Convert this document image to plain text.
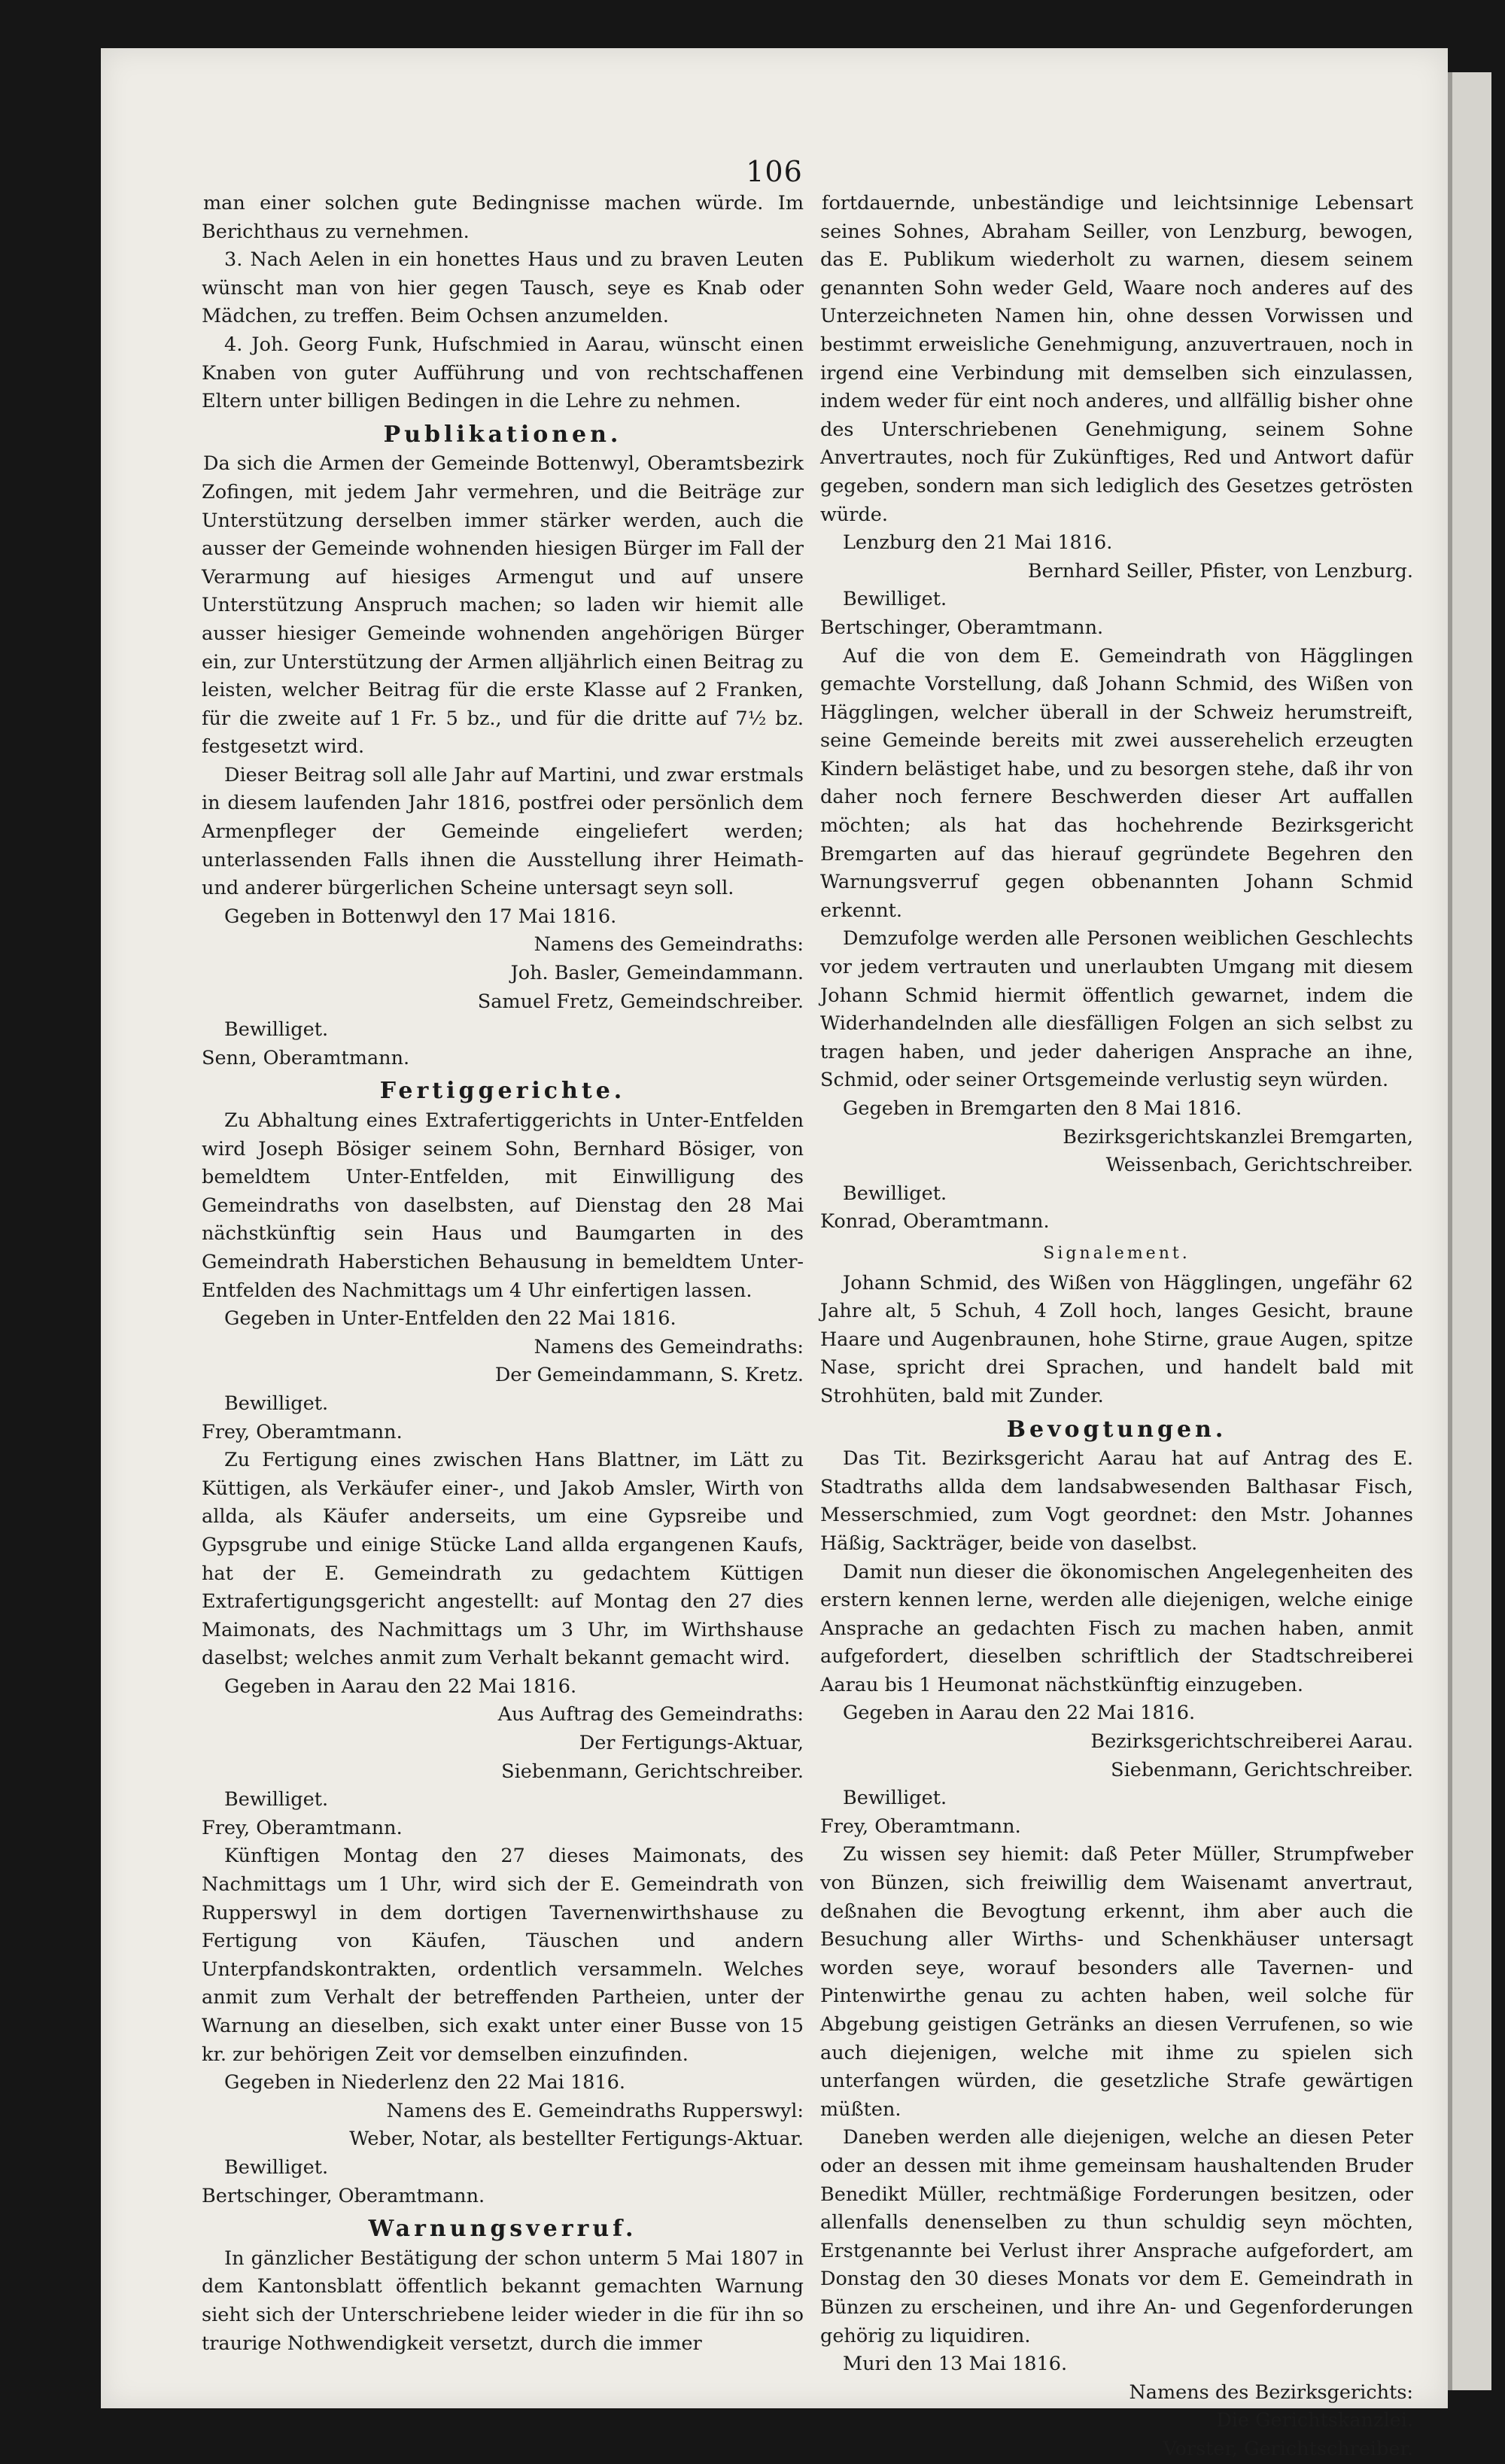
106

man einer solchen gute Bedingnisse machen würde. Im Berichthaus zu vernehmen.

3. Nach Aelen in ein honettes Haus und zu braven Leuten wünscht man von hier gegen Tausch, seye es Knab oder Mädchen, zu treffen. Beim Ochsen anzumelden.

4. Joh. Georg Funk, Hufschmied in Aarau, wünscht einen Knaben von guter Aufführung und von rechtschaffenen Eltern unter billigen Bedingen in die Lehre zu nehmen.

Publikationen.

Da sich die Armen der Gemeinde Bottenwyl, Oberamtsbezirk Zofingen, mit jedem Jahr vermehren, und die Beiträge zur Unterstützung derselben immer stärker werden, auch die ausser der Gemeinde wohnenden hiesigen Bürger im Fall der Verarmung auf hiesiges Armengut und auf unsere Unterstützung Anspruch machen; so laden wir hiemit alle ausser hiesiger Gemeinde wohnenden angehörigen Bürger ein, zur Unterstützung der Armen alljährlich einen Beitrag zu leisten, welcher Beitrag für die erste Klasse auf 2 Franken, für die zweite auf 1 Fr. 5 bz., und für die dritte auf 7½ bz. festgesetzt wird.

Dieser Beitrag soll alle Jahr auf Martini, und zwar erstmals in diesem laufenden Jahr 1816, postfrei oder persönlich dem Armenpfleger der Gemeinde eingeliefert werden; unterlassenden Falls ihnen die Ausstellung ihrer Heimath- und anderer bürgerlichen Scheine untersagt seyn soll.

Gegeben in Bottenwyl den 17 Mai 1816.

Namens des Gemeindraths:

Joh. Basler, Gemeindammann.

Samuel Fretz, Gemeindschreiber.

Bewilliget.

Senn, Oberamtmann.

Fertiggerichte.

Zu Abhaltung eines Extrafertiggerichts in Unter-Entfelden wird Joseph Bösiger seinem Sohn, Bernhard Bösiger, von bemeldtem Unter-Entfelden, mit Einwilligung des Gemeindraths von daselbsten, auf Dienstag den 28 Mai nächstkünftig sein Haus und Baumgarten in des Gemeindrath Haberstichen Behausung in bemeldtem Unter-Entfelden des Nachmittags um 4 Uhr einfertigen lassen.

Gegeben in Unter-Entfelden den 22 Mai 1816.

Namens des Gemeindraths:

Der Gemeindammann, S. Kretz.

Bewilliget.

Frey, Oberamtmann.

Zu Fertigung eines zwischen Hans Blattner, im Lätt zu Küttigen, als Verkäufer einer-, und Jakob Amsler, Wirth von allda, als Käufer anderseits, um eine Gypsreibe und Gypsgrube und einige Stücke Land allda ergangenen Kaufs, hat der E. Gemeindrath zu gedachtem Küttigen Extrafertigungsgericht angestellt: auf Montag den 27 dies Maimonats, des Nachmittags um 3 Uhr, im Wirthshause daselbst; welches anmit zum Verhalt bekannt gemacht wird.

Gegeben in Aarau den 22 Mai 1816.

Aus Auftrag des Gemeindraths:

Der Fertigungs-Aktuar,

Siebenmann, Gerichtschreiber.

Bewilliget.

Frey, Oberamtmann.

Künftigen Montag den 27 dieses Maimonats, des Nachmittags um 1 Uhr, wird sich der E. Gemeindrath von Rupperswyl in dem dortigen Tavernenwirthshause zu Fertigung von Käufen, Täuschen und andern Unterpfandskontrakten, ordentlich versammeln. Welches anmit zum Verhalt der betreffenden Partheien, unter der Warnung an dieselben, sich exakt unter einer Busse von 15 kr. zur behörigen Zeit vor demselben einzufinden.

Gegeben in Niederlenz den 22 Mai 1816.

Namens des E. Gemeindraths Rupperswyl:

Weber, Notar, als bestellter Fertigungs-Aktuar.

Bewilliget.

Bertschinger, Oberamtmann.

Warnungsverruf.

In gänzlicher Bestätigung der schon unterm 5 Mai 1807 in dem Kantonsblatt öffentlich bekannt gemachten Warnung sieht sich der Unterschriebene leider wieder in die für ihn so traurige Nothwendigkeit versetzt, durch die immer

fortdauernde, unbeständige und leichtsinnige Lebensart seines Sohnes, Abraham Seiller, von Lenzburg, bewogen, das E. Publikum wiederholt zu warnen, diesem seinem genannten Sohn weder Geld, Waare noch anderes auf des Unterzeichneten Namen hin, ohne dessen Vorwissen und bestimmt erweisliche Genehmigung, anzuvertrauen, noch in irgend eine Verbindung mit demselben sich einzulassen, indem weder für eint noch anderes, und allfällig bisher ohne des Unterschriebenen Genehmigung, seinem Sohne Anvertrautes, noch für Zukünftiges, Red und Antwort dafür gegeben, sondern man sich lediglich des Gesetzes getrösten würde.

Lenzburg den 21 Mai 1816.

Bernhard Seiller, Pfister, von Lenzburg.

Bewilliget.

Bertschinger, Oberamtmann.

Auf die von dem E. Gemeindrath von Hägglingen gemachte Vorstellung, daß Johann Schmid, des Wißen von Hägglingen, welcher überall in der Schweiz herumstreift, seine Gemeinde bereits mit zwei ausserehelich erzeugten Kindern belästiget habe, und zu besorgen stehe, daß ihr von daher noch fernere Beschwerden dieser Art auffallen möchten; als hat das hochehrende Bezirksgericht Bremgarten auf das hierauf gegründete Begehren den Warnungsverruf gegen obbenannten Johann Schmid erkennt.

Demzufolge werden alle Personen weiblichen Geschlechts vor jedem vertrauten und unerlaubten Umgang mit diesem Johann Schmid hiermit öffentlich gewarnet, indem die Widerhandelnden alle diesfälligen Folgen an sich selbst zu tragen haben, und jeder daherigen Ansprache an ihne, Schmid, oder seiner Ortsgemeinde verlustig seyn würden.

Gegeben in Bremgarten den 8 Mai 1816.

Bezirksgerichtskanzlei Bremgarten,

Weissenbach, Gerichtschreiber.

Bewilliget.

Konrad, Oberamtmann.

Signalement.

Johann Schmid, des Wißen von Hägglingen, ungefähr 62 Jahre alt, 5 Schuh, 4 Zoll hoch, langes Gesicht, braune Haare und Augenbraunen, hohe Stirne, graue Augen, spitze Nase, spricht drei Sprachen, und handelt bald mit Strohhüten, bald mit Zunder.

Bevogtungen.

Das Tit. Bezirksgericht Aarau hat auf Antrag des E. Stadtraths allda dem landsabwesenden Balthasar Fisch, Messerschmied, zum Vogt geordnet: den Mstr. Johannes Häßig, Sackträger, beide von daselbst.

Damit nun dieser die ökonomischen Angelegenheiten des erstern kennen lerne, werden alle diejenigen, welche einige Ansprache an gedachten Fisch zu machen haben, anmit aufgefordert, dieselben schriftlich der Stadtschreiberei Aarau bis 1 Heumonat nächstkünftig einzugeben.

Gegeben in Aarau den 22 Mai 1816.

Bezirksgerichtschreiberei Aarau.

Siebenmann, Gerichtschreiber.

Bewilliget.

Frey, Oberamtmann.

Zu wissen sey hiemit: daß Peter Müller, Strumpfweber von Bünzen, sich freiwillig dem Waisenamt anvertraut, deßnahen die Bevogtung erkennt, ihm aber auch die Besuchung aller Wirths- und Schenkhäuser untersagt worden seye, worauf besonders alle Tavernen- und Pintenwirthe genau zu achten haben, weil solche für Abgebung geistigen Getränks an diesen Verrufenen, so wie auch diejenigen, welche mit ihme zu spielen sich unterfangen würden, die gesetzliche Strafe gewärtigen müßten.

Daneben werden alle diejenigen, welche an diesen Peter oder an dessen mit ihme gemeinsam haushaltenden Bruder Benedikt Müller, rechtmäßige Forderungen besitzen, oder allenfalls denenselben zu thun schuldig seyn möchten, Erstgenannte bei Verlust ihrer Ansprache aufgefordert, am Donstag den 30 dieses Monats vor dem E. Gemeindrath in Bünzen zu erscheinen, und ihre An- und Gegenforderungen gehörig zu liquidiren.

Muri den 13 Mai 1816.

Namens des Bezirksgerichts:

Die Gerichtskanzlei.

Vorster, Gerichtschreiber.
